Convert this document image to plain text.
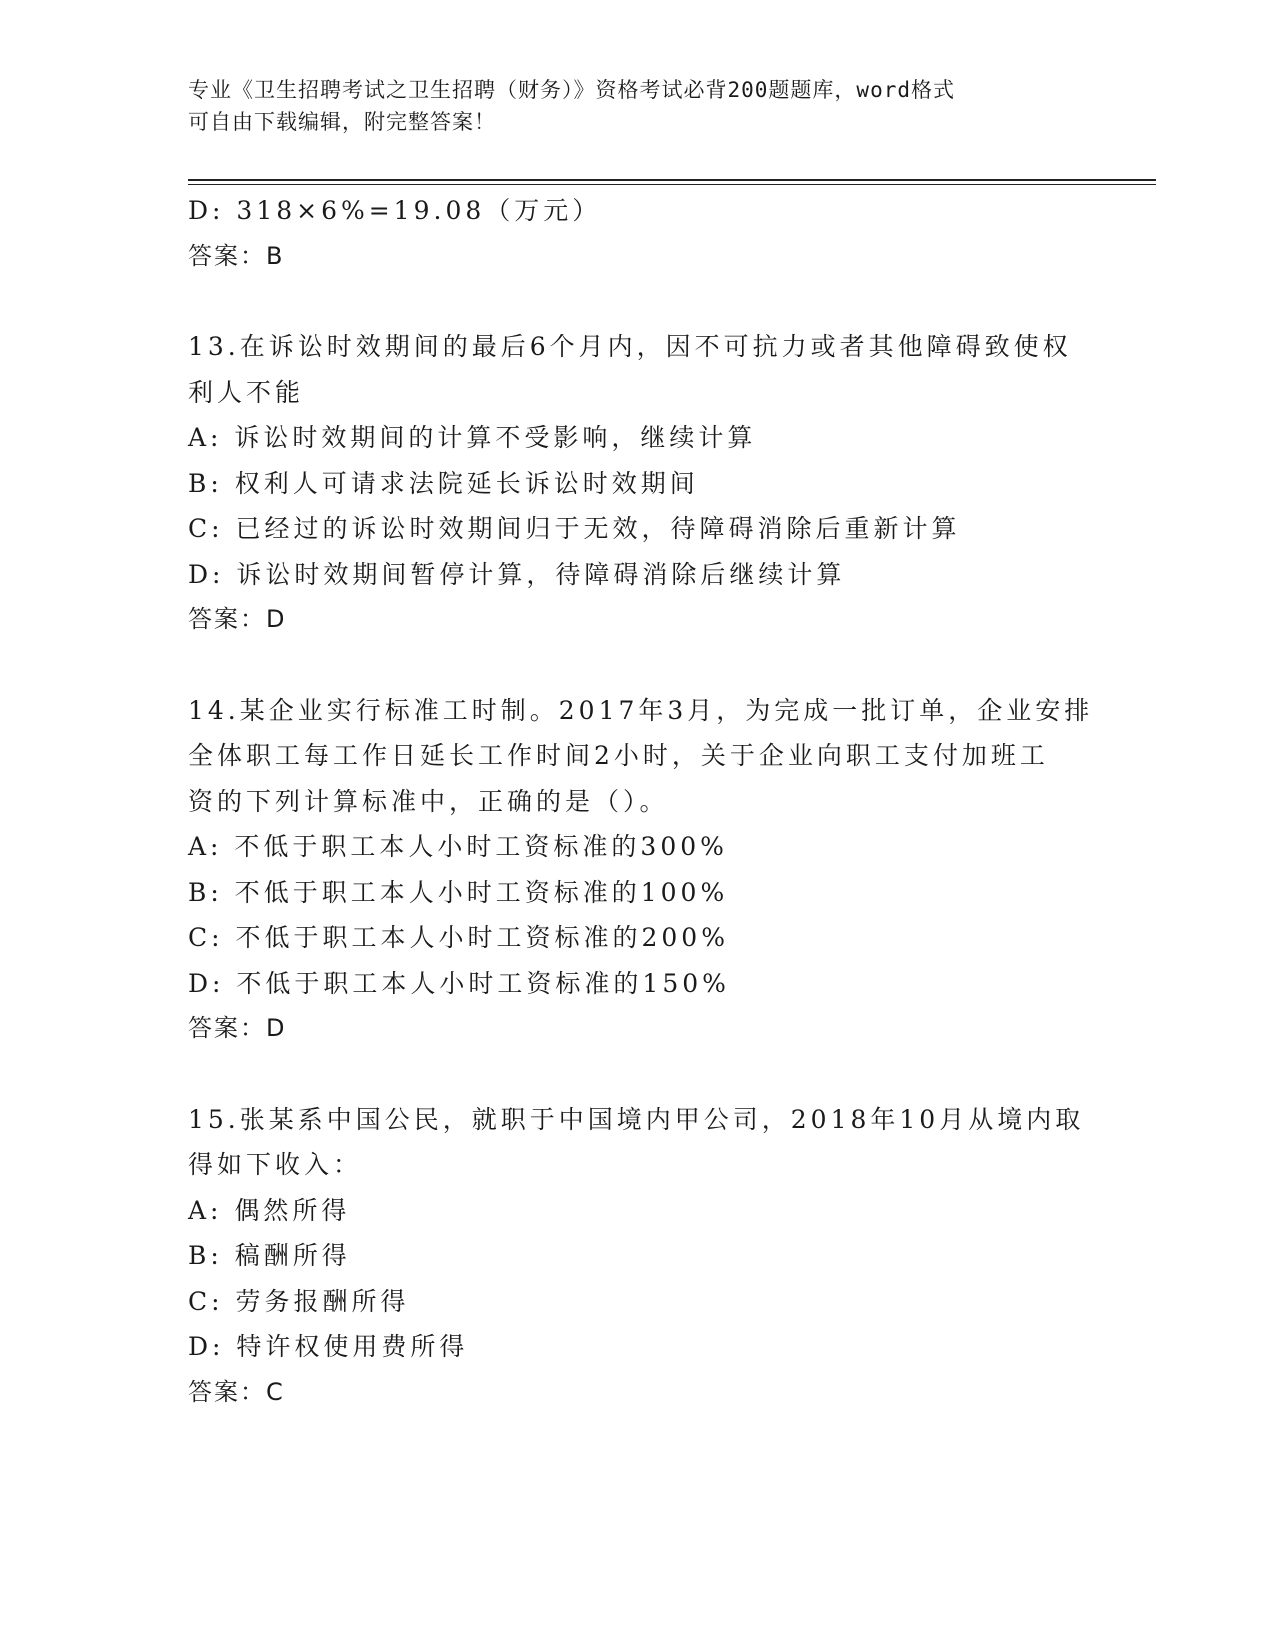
专业《卫生招聘考试之卫生招聘（财务）》资格考试必背200题题库，word格式
可自由下载编辑，附完整答案！
D: 318×6%=19.08（万元）
答案：B
13.在诉讼时效期间的最后6个月内，因不可抗力或者其他障碍致使权
利人不能
A: 诉讼时效期间的计算不受影响，继续计算
B: 权利人可请求法院延长诉讼时效期间
C: 已经过的诉讼时效期间归于无效，待障碍消除后重新计算
D: 诉讼时效期间暂停计算，待障碍消除后继续计算
答案：D
14.某企业实行标准工时制。2017年3月，为完成一批订单，企业安排
全体职工每工作日延长工作时间2小时，关于企业向职工支付加班工
资的下列计算标准中，正确的是（）。
A: 不低于职工本人小时工资标准的300%
B: 不低于职工本人小时工资标准的100%
C: 不低于职工本人小时工资标准的200%
D: 不低于职工本人小时工资标准的150%
答案：D
15.张某系中国公民，就职于中国境内甲公司，2018年10月从境内取
得如下收入：
A: 偶然所得
B: 稿酬所得
C: 劳务报酬所得
D: 特许权使用费所得
答案：C
